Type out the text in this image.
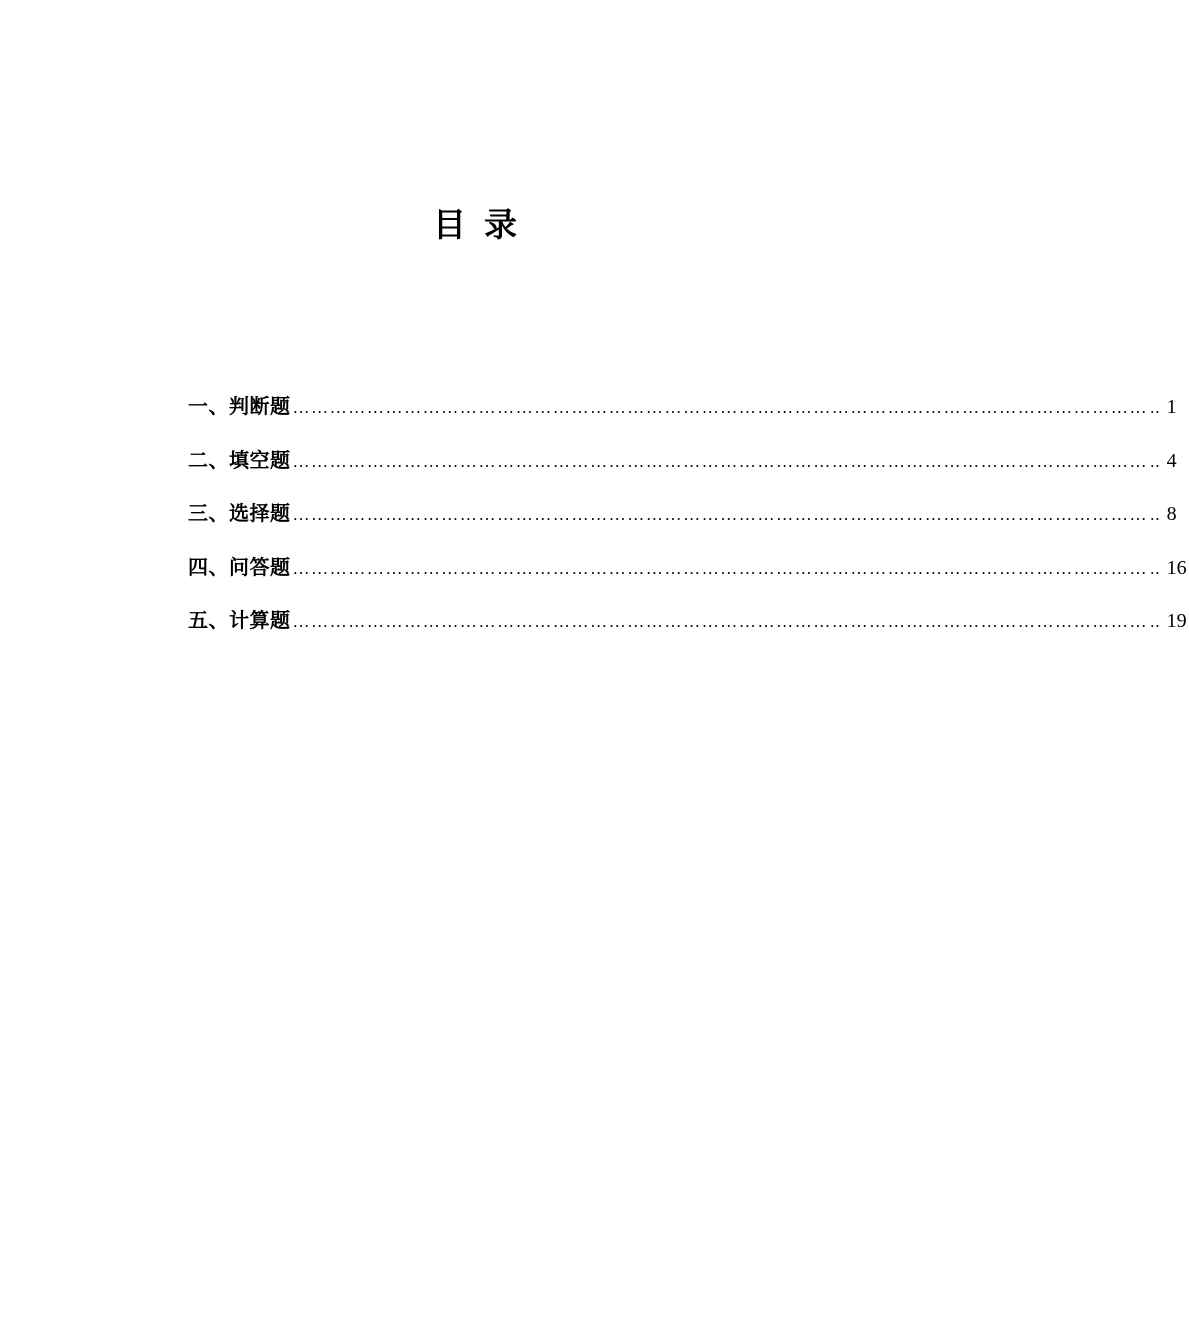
目录
一、判断题 ………………………………………………………………………………………………………………………… .. 1
二、填空题 ………………………………………………………………………………………………………………………… .. 4
三、选择题 ………………………………………………………………………………………………………………………… .. 8
四、问答题 ………………………………………………………………………………………………………………………… .. 16
五、计算题 ………………………………………………………………………………………………………………………… .. 19
